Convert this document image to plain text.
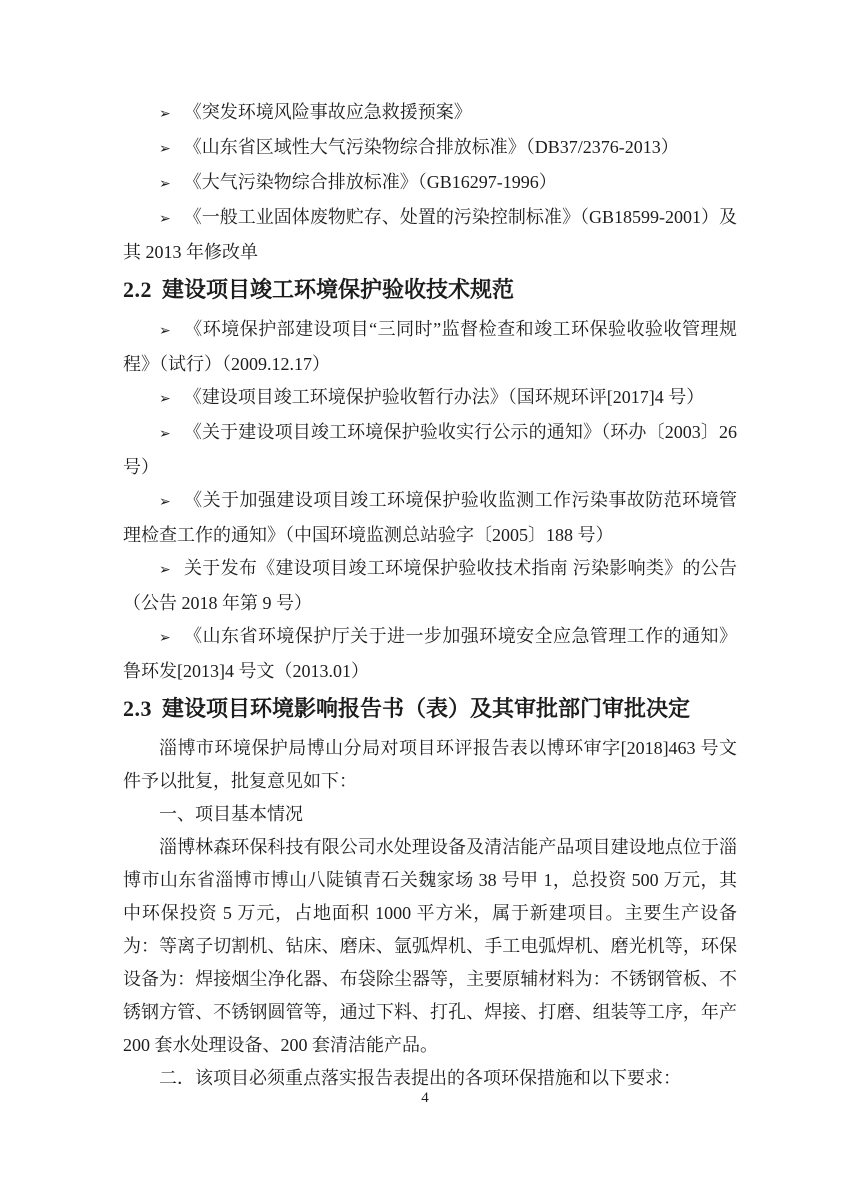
➢ 《突发环境风险事故应急救援预案》

➢ 《山东省区域性大气污染物综合排放标准》（DB37/2376-2013）

➢ 《大气污染物综合排放标准》（GB16297-1996）

➢ 《一般工业固体废物贮存、处置的污染控制标准》（GB18599-2001）及其 2013 年修改单

2.2 建设项目竣工环境保护验收技术规范

➢ 《环境保护部建设项目“三同时”监督检查和竣工环保验收验收管理规程》（试行）（2009.12.17）

➢ 《建设项目竣工环境保护验收暂行办法》（国环规环评[2017]4 号）

➢ 《关于建设项目竣工环境保护验收实行公示的通知》（环办〔2003〕26 号）

➢ 《关于加强建设项目竣工环境保护验收监测工作污染事故防范环境管理检查工作的通知》（中国环境监测总站验字〔2005〕188 号）

➢ 关于发布《建设项目竣工环境保护验收技术指南 污染影响类》的公告（公告 2018 年第 9 号）

➢ 《山东省环境保护厅关于进一步加强环境安全应急管理工作的通知》鲁环发[2013]4 号文（2013.01）

2.3 建设项目环境影响报告书（表）及其审批部门审批决定

淄博市环境保护局博山分局对项目环评报告表以博环审字[2018]463 号文件予以批复，批复意见如下：

一、项目基本情况

淄博林森环保科技有限公司水处理设备及清洁能产品项目建设地点位于淄博市山东省淄博市博山八陡镇青石关魏家场 38 号甲 1，总投资 500 万元，其中环保投资 5 万元，占地面积 1000 平方米，属于新建项目。主要生产设备为：等离子切割机、钻床、磨床、氩弧焊机、手工电弧焊机、磨光机等，环保设备为：焊接烟尘净化器、布袋除尘器等，主要原辅材料为：不锈钢管板、不锈钢方管、不锈钢圆管等，通过下料、打孔、焊接、打磨、组装等工序，年产 200 套水处理设备、200 套清洁能产品。

二．该项目必须重点落实报告表提出的各项环保措施和以下要求：

4
